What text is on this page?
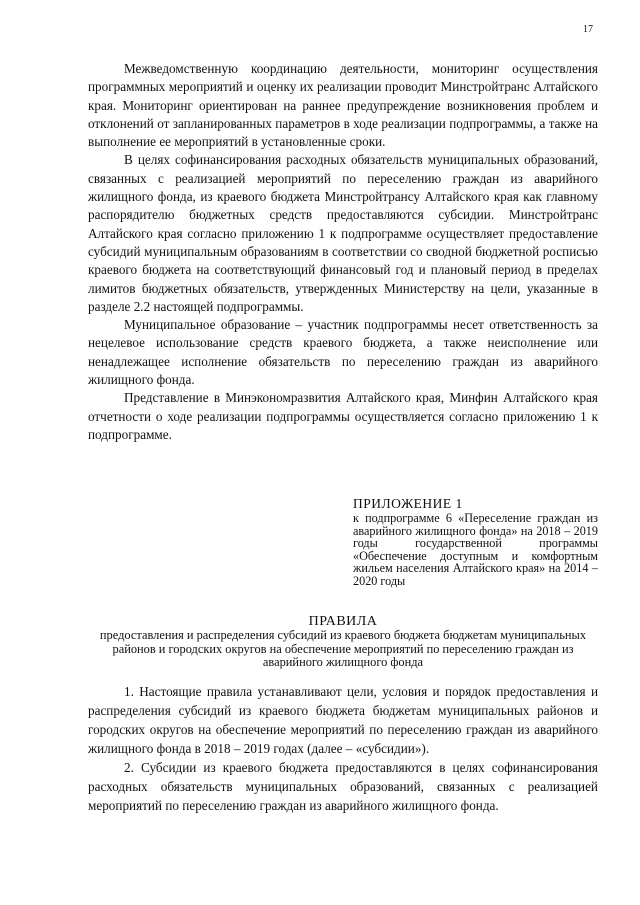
17

Межведомственную координацию деятельности, мониторинг осуществления программных мероприятий и оценку их реализации проводит Минстройтранс Алтайского края. Мониторинг ориентирован на раннее предупреждение возникновения проблем и отклонений от запланированных параметров в ходе реализации подпрограммы, а также на выполнение ее мероприятий в установленные сроки.

В целях софинансирования расходных обязательств муниципальных образований, связанных с реализацией мероприятий по переселению граждан из аварийного жилищного фонда, из краевого бюджета Минстройтрансу Алтайского края как главному распорядителю бюджетных средств предоставляются субсидии. Минстройтранс Алтайского края согласно приложению 1 к подпрограмме осуществляет предоставление субсидий муниципальным образованиям в соответствии со сводной бюджетной росписью краевого бюджета на соответствующий финансовый год и плановый период в пределах лимитов бюджетных обязательств, утвержденных Министерству на цели, указанные в разделе 2.2 настоящей подпрограммы.

Муниципальное образование – участник подпрограммы несет ответственность за нецелевое использование средств краевого бюджета, а также неисполнение или ненадлежащее исполнение обязательств по переселению граждан из аварийного жилищного фонда.

Представление в Минэкономразвития Алтайского края, Минфин Алтайского края отчетности о ходе реализации подпрограммы осуществляется согласно приложению 1 к подпрограмме.

ПРИЛОЖЕНИЕ 1

к подпрограмме 6 «Переселение граждан из аварийного жилищного фонда» на 2018 – 2019 годы государственной программы «Обеспечение доступным и комфортным жильем населения Алтайского края» на 2014 – 2020 годы

ПРАВИЛА

предоставления и распределения субсидий из краевого бюджета бюджетам муниципальных районов и городских округов на обеспечение мероприятий по переселению граждан из аварийного жилищного фонда

1. Настоящие правила устанавливают цели, условия и порядок предоставления и распределения субсидий из краевого бюджета бюджетам муниципальных районов и городских округов на обеспечение мероприятий по переселению граждан из аварийного жилищного фонда в 2018 – 2019 годах (далее – «субсидии»).

2. Субсидии из краевого бюджета предоставляются в целях софинансирования расходных обязательств муниципальных образований, связанных с реализацией мероприятий по переселению граждан из аварийного жилищного фонда.
